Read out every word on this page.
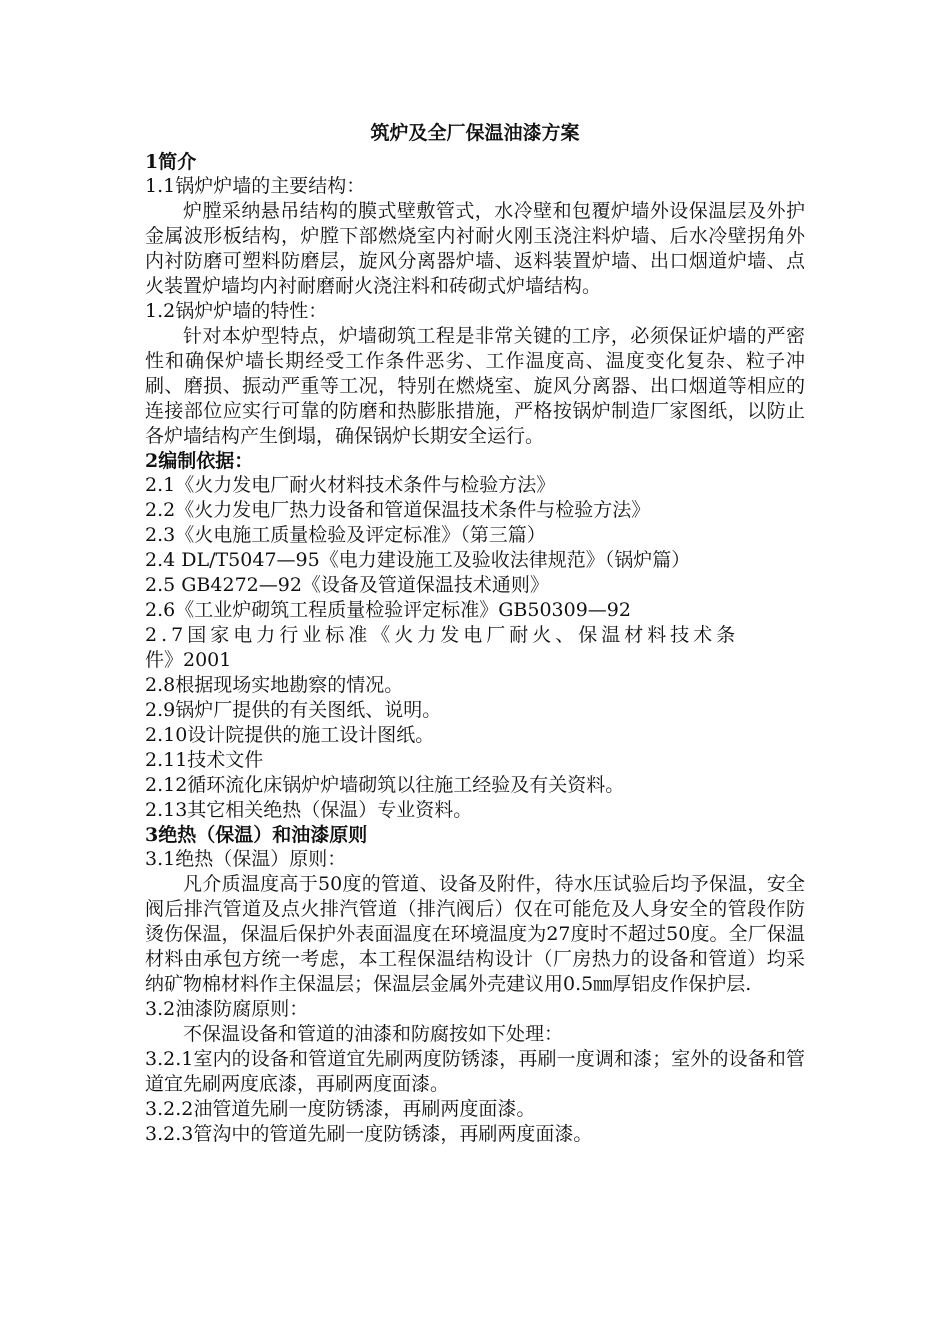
筑炉及全厂保温油漆方案
1简介
1.1锅炉炉墙的主要结构：
炉膛采纳悬吊结构的膜式壁敷管式，水冷壁和包覆炉墙外设保温层及外护金属波形板结构，炉膛下部燃烧室内衬耐火刚玉浇注料炉墙、后水冷壁拐角外内衬防磨可塑料防磨层，旋风分离器炉墙、返料装置炉墙、出口烟道炉墙、点火装置炉墙均内衬耐磨耐火浇注料和砖砌式炉墙结构。
1.2锅炉炉墙的特性：
针对本炉型特点，炉墙砌筑工程是非常关键的工序，必须保证炉墙的严密性和确保炉墙长期经受工作条件恶劣、工作温度高、温度变化复杂、粒子冲刷、磨损、振动严重等工况，特别在燃烧室、旋风分离器、出口烟道等相应的连接部位应实行可靠的防磨和热膨胀措施，严格按锅炉制造厂家图纸，以防止各炉墙结构产生倒塌，确保锅炉长期安全运行。
2编制依据：
2.1《火力发电厂耐火材料技术条件与检验方法》
2.2《火力发电厂热力设备和管道保温技术条件与检验方法》
2.3《火电施工质量检验及评定标准》（第三篇）
2.4 DL/T5047—95《电力建设施工及验收法律规范》（锅炉篇）
2.5 GB4272—92《设备及管道保温技术通则》
2.6《工业炉砌筑工程质量检验评定标准》GB50309—92
2.7国家电力行业标准《火力发电厂耐火、保温材料技术条
件》2001
2.8根据现场实地勘察的情况。
2.9锅炉厂提供的有关图纸、说明。
2.10设计院提供的施工设计图纸。
2.11技术文件
2.12循环流化床锅炉炉墙砌筑以往施工经验及有关资料。
2.13其它相关绝热（保温）专业资料。
3绝热（保温）和油漆原则
3.1绝热（保温）原则：
凡介质温度高于50度的管道、设备及附件，待水压试验后均予保温，安全阀后排汽管道及点火排汽管道（排汽阀后）仅在可能危及人身安全的管段作防烫伤保温，保温后保护外表面温度在环境温度为27度时不超过50度。全厂保温材料由承包方统一考虑，本工程保温结构设计（厂房热力的设备和管道）均采纳矿物棉材料作主保温层；保温层金属外壳建议用0.5㎜厚铝皮作保护层.
3.2油漆防腐原则：
不保温设备和管道的油漆和防腐按如下处理：
3.2.1室内的设备和管道宜先刷两度防锈漆，再刷一度调和漆；室外的设备和管道宜先刷两度底漆，再刷两度面漆。
3.2.2油管道先刷一度防锈漆，再刷两度面漆。
3.2.3管沟中的管道先刷一度防锈漆，再刷两度面漆。
